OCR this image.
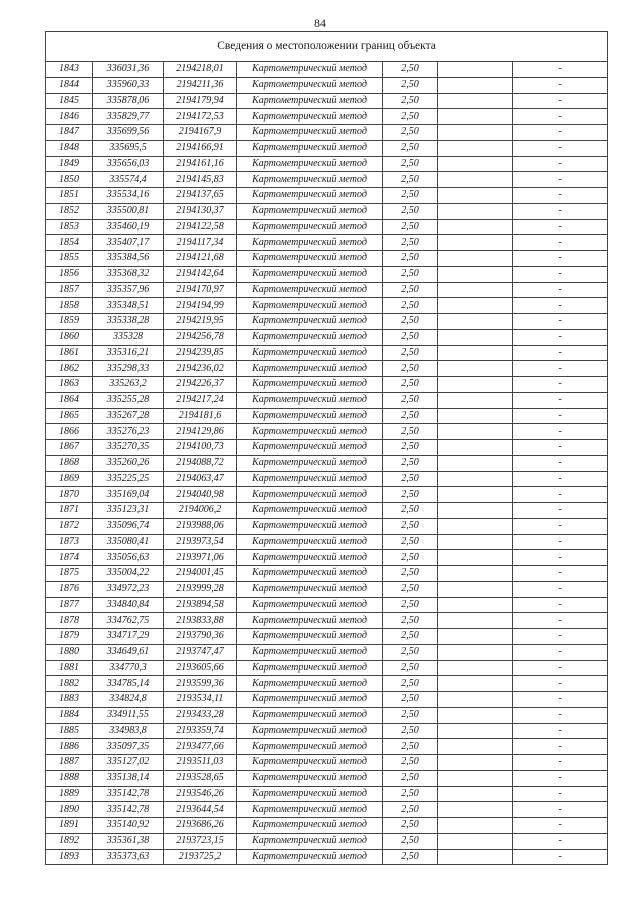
84
Сведения о местоположении границ объекта						
1843	336031,36	2194218,01	Картометрический метод	2,50		-
1844	335960,33	2194211,36	Картометрический метод	2,50		-
1845	335878,06	2194179,94	Картометрический метод	2,50		-
1846	335829,77	2194172,53	Картометрический метод	2,50		-
1847	335699,56	2194167,9	Картометрический метод	2,50		-
1848	335695,5	2194166,91	Картометрический метод	2,50		-
1849	335656,03	2194161,16	Картометрический метод	2,50		-
1850	335574,4	2194145,83	Картометрический метод	2,50		-
1851	335534,16	2194137,65	Картометрический метод	2,50		-
1852	335500,81	2194130,37	Картометрический метод	2,50		-
1853	335460,19	2194122,58	Картометрический метод	2,50		-
1854	335407,17	2194117,34	Картометрический метод	2,50		-
1855	335384,56	2194121,68	Картометрический метод	2,50		-
1856	335368,32	2194142,64	Картометрический метод	2,50		-
1857	335357,96	2194170,97	Картометрический метод	2,50		-
1858	335348,51	2194194,99	Картометрический метод	2,50		-
1859	335338,28	2194219,95	Картометрический метод	2,50		-
1860	335328	2194256,78	Картометрический метод	2,50		-
1861	335316,21	2194239,85	Картометрический метод	2,50		-
1862	335298,33	2194236,02	Картометрический метод	2,50		-
1863	335263,2	2194226,37	Картометрический метод	2,50		-
1864	335255,28	2194217,24	Картометрический метод	2,50		-
1865	335267,28	2194181,6	Картометрический метод	2,50		-
1866	335276,23	2194129,86	Картометрический метод	2,50		-
1867	335270,35	2194100,73	Картометрический метод	2,50		-
1868	335260,26	2194088,72	Картометрический метод	2,50		-
1869	335225,25	2194063,47	Картометрический метод	2,50		-
1870	335169,04	2194040,98	Картометрический метод	2,50		-
1871	335123,31	2194006,2	Картометрический метод	2,50		-
1872	335096,74	2193988,06	Картометрический метод	2,50		-
1873	335080,41	2193973,54	Картометрический метод	2,50		-
1874	335056,63	2193971,06	Картометрический метод	2,50		-
1875	335004,22	2194001,45	Картометрический метод	2,50		-
1876	334972,23	2193999,28	Картометрический метод	2,50		-
1877	334840,84	2193894,58	Картометрический метод	2,50		-
1878	334762,75	2193833,88	Картометрический метод	2,50		-
1879	334717,29	2193790,36	Картометрический метод	2,50		-
1880	334649,61	2193747,47	Картометрический метод	2,50		-
1881	334770,3	2193605,66	Картометрический метод	2,50		-
1882	334785,14	2193599,36	Картометрический метод	2,50		-
1883	334824,8	2193534,11	Картометрический метод	2,50		-
1884	334911,55	2193433,28	Картометрический метод	2,50		-
1885	334983,8	2193359,74	Картометрический метод	2,50		-
1886	335097,35	2193477,66	Картометрический метод	2,50		-
1887	335127,02	2193511,03	Картометрический метод	2,50		-
1888	335138,14	2193528,65	Картометрический метод	2,50		-
1889	335142,78	2193546,26	Картометрический метод	2,50		-
1890	335142,78	2193644,54	Картометрический метод	2,50		-
1891	335140,92	2193686,26	Картометрический метод	2,50		-
1892	335361,38	2193723,15	Картометрический метод	2,50		-
1893	335373,63	2193725,2	Картометрический метод	2,50		-
